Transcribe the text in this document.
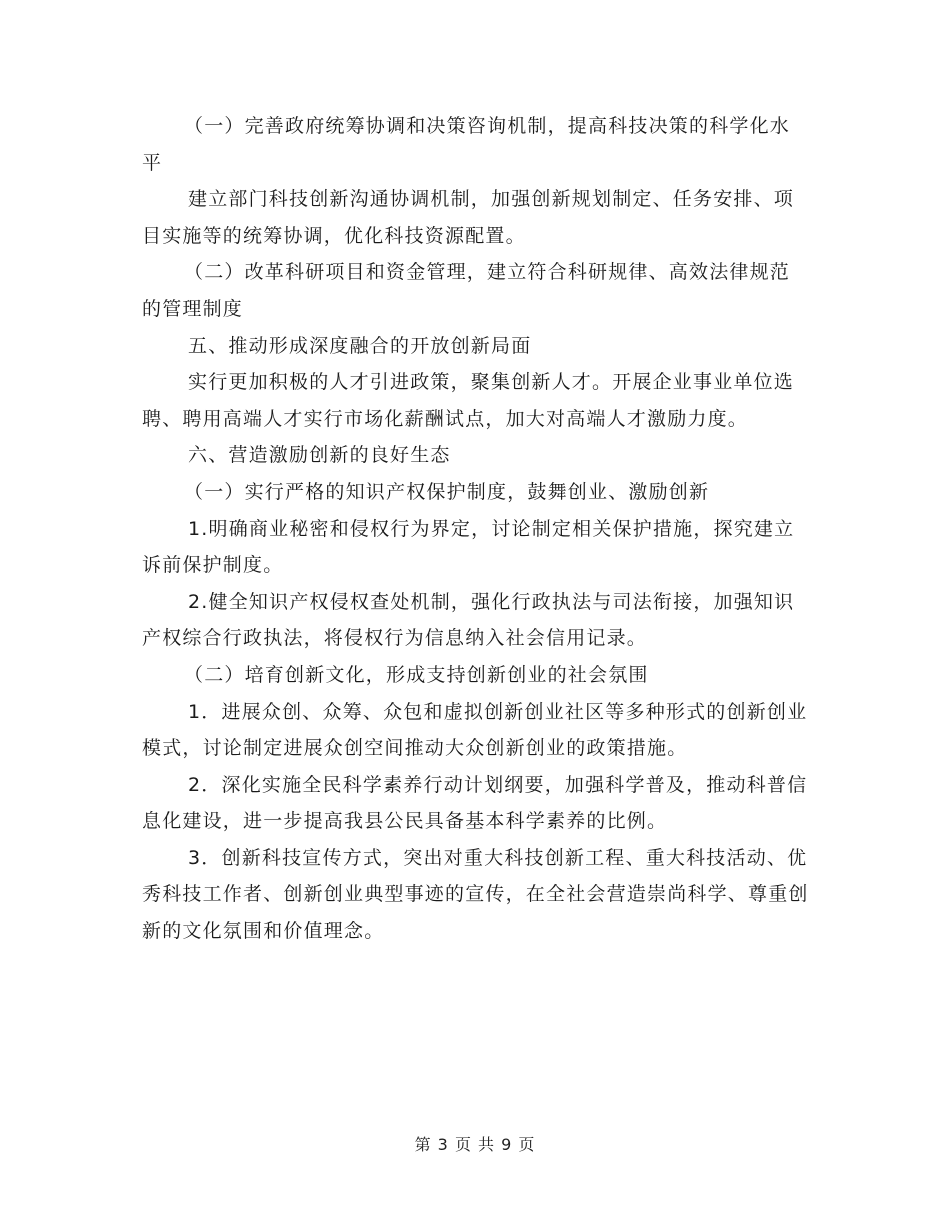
（一）完善政府统筹协调和决策咨询机制，提高科技决策的科学化水平

建立部门科技创新沟通协调机制，加强创新规划制定、任务安排、项目实施等的统筹协调，优化科技资源配置。

（二）改革科研项目和资金管理，建立符合科研规律、高效法律规范的管理制度

五、推动形成深度融合的开放创新局面

实行更加积极的人才引进政策，聚集创新人才。开展企业事业单位选聘、聘用高端人才实行市场化薪酬试点，加大对高端人才激励力度。

六、营造激励创新的良好生态

（一）实行严格的知识产权保护制度，鼓舞创业、激励创新

1.明确商业秘密和侵权行为界定，讨论制定相关保护措施，探究建立诉前保护制度。

2.健全知识产权侵权查处机制，强化行政执法与司法衔接，加强知识产权综合行政执法，将侵权行为信息纳入社会信用记录。

（二）培育创新文化，形成支持创新创业的社会氛围

1．进展众创、众筹、众包和虚拟创新创业社区等多种形式的创新创业模式，讨论制定进展众创空间推动大众创新创业的政策措施。

2．深化实施全民科学素养行动计划纲要，加强科学普及，推动科普信息化建设，进一步提高我县公民具备基本科学素养的比例。

3．创新科技宣传方式，突出对重大科技创新工程、重大科技活动、优秀科技工作者、创新创业典型事迹的宣传，在全社会营造崇尚科学、尊重创新的文化氛围和价值理念。

第 3 页 共 9 页
